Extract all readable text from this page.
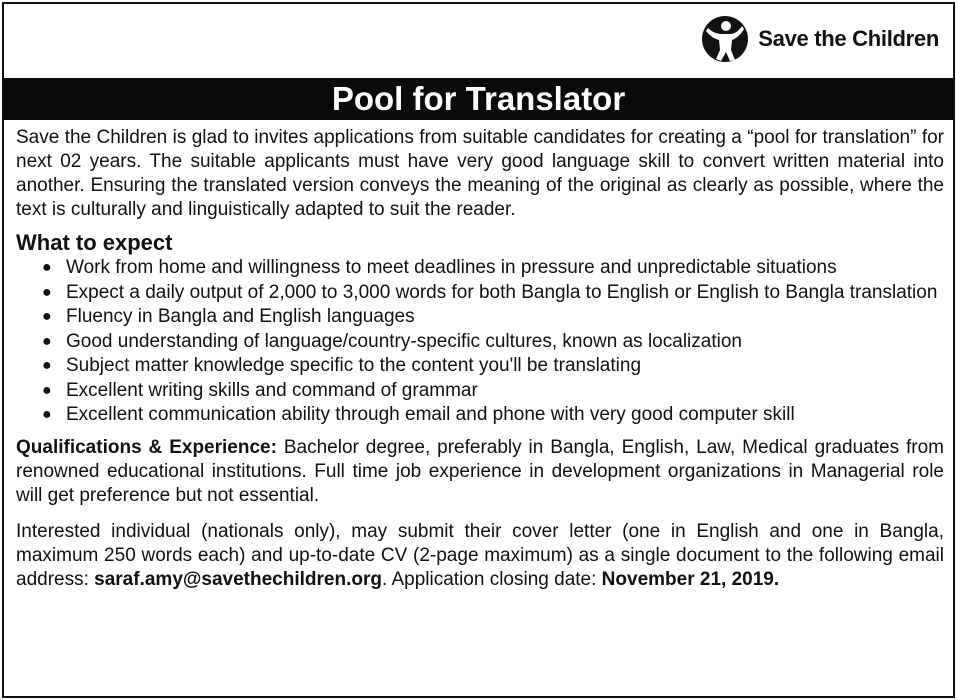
Save the Children
Pool for Translator

Save the Children is glad to invites applications from suitable candidates for creating a “pool for translation” for next 02 years. The suitable applicants must have very good language skill to convert written material into another. Ensuring the translated version conveys the meaning of the original as clearly as possible, where the text is culturally and linguistically adapted to suit the reader.

What to expect
● Work from home and willingness to meet deadlines in pressure and unpredictable situations
● Expect a daily output of 2,000 to 3,000 words for both Bangla to English or English to Bangla translation
● Fluency in Bangla and English languages
● Good understanding of language/country-specific cultures, known as localization
● Subject matter knowledge specific to the content you'll be translating
● Excellent writing skills and command of grammar
● Excellent communication ability through email and phone with very good computer skill

Qualifications & Experience: Bachelor degree, preferably in Bangla, English, Law, Medical graduates from renowned educational institutions. Full time job experience in development organizations in Managerial role will get preference but not essential.

Interested individual (nationals only), may submit their cover letter (one in English and one in Bangla, maximum 250 words each) and up-to-date CV (2-page maximum) as a single document to the following email address: saraf.amy@savethechildren.org. Application closing date: November 21, 2019.
